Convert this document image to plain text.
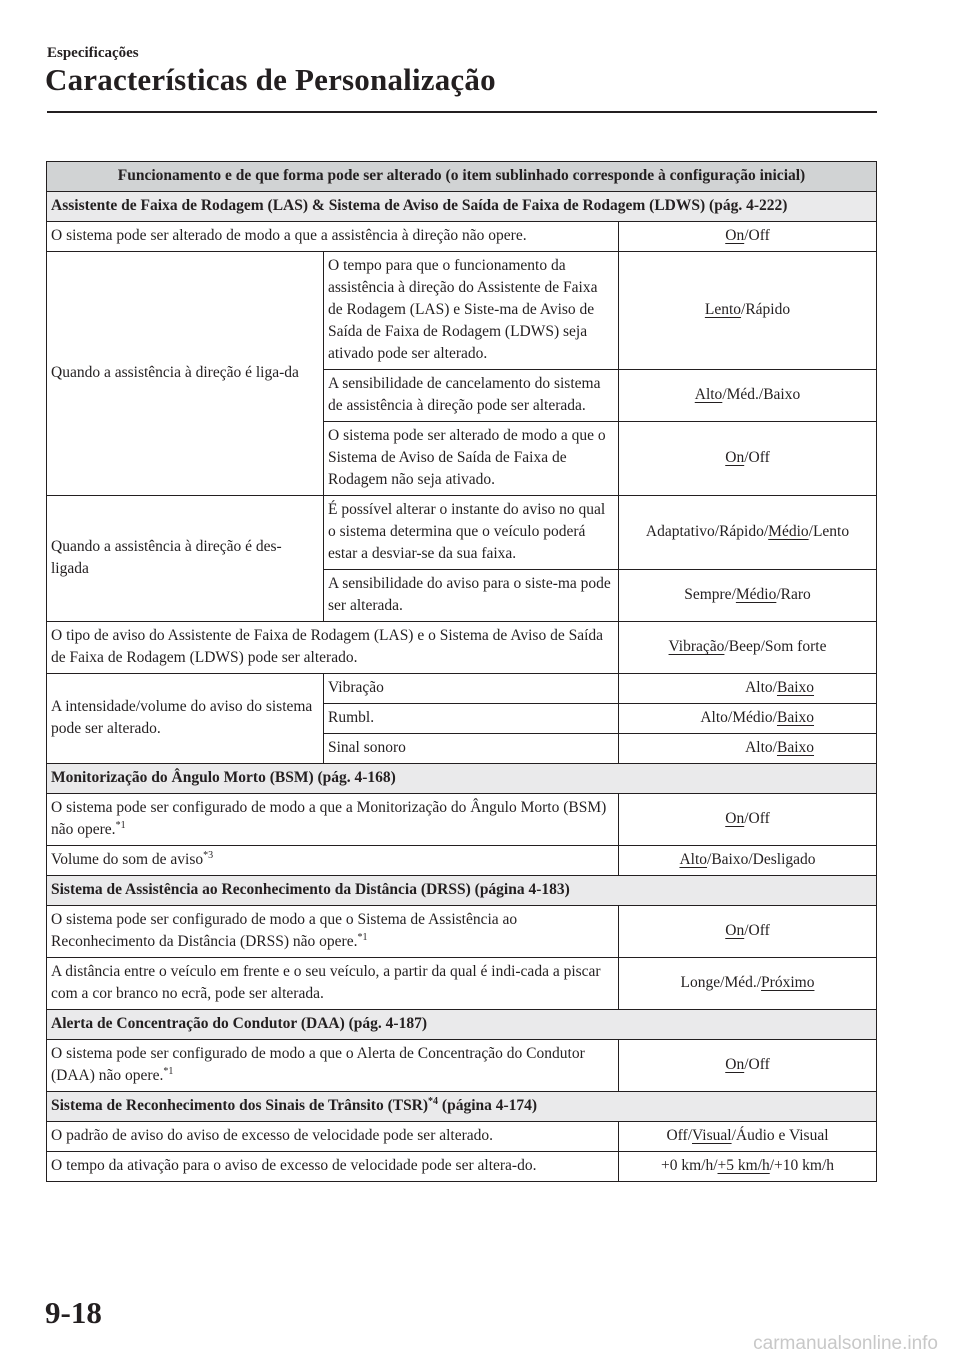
Especificações
Características de Personalização
Funcionamento e de que forma pode ser alterado (o item sublinhado corresponde à configuração inicial)		
Assistente de Faixa de Rodagem (LAS) & Sistema de Aviso de Saída de Faixa de Rodagem (LDWS) (pág. 4-222)		
O sistema pode ser alterado de modo a que a assistência à direção não opere.		On/Off
Quando a assistência à direção é liga-da	O tempo para que o funcionamento da assistência à direção do Assistente de Faixa de Rodagem (LAS) e Siste-ma de Aviso de Saída de Faixa de Rodagem (LDWS) seja ativado pode ser alterado.	Lento/Rápido
	A sensibilidade de cancelamento do sistema de assistência à direção pode ser alterada.	Alto/Méd./Baixo
	O sistema pode ser alterado de modo a que o Sistema de Aviso de Saída de Faixa de Rodagem não seja ativado.	On/Off
Quando a assistência à direção é des-ligada	É possível alterar o instante do aviso no qual o sistema determina que o veículo poderá estar a desviar-se da sua faixa.	Adaptativo/Rápido/Médio/Lento
	A sensibilidade do aviso para o siste-ma pode ser alterada.	Sempre/Médio/Raro
O tipo de aviso do Assistente de Faixa de Rodagem (LAS) e o Sistema de Aviso de Saída de Faixa de Rodagem (LDWS) pode ser alterado.		Vibração/Beep/Som forte
A intensidade/volume do aviso do sistema pode ser alterado.	Vibração	Alto/Baixo
	Rumbl.	Alto/Médio/Baixo
	Sinal sonoro	Alto/Baixo
Monitorização do Ângulo Morto (BSM) (pág. 4-168)		
O sistema pode ser configurado de modo a que a Monitorização do Ângulo Morto (BSM) não opere.$^{*1}$		On/Off
Volume do som de aviso$^{*3}$		Alto/Baixo/Desligado
Sistema de Assistência ao Reconhecimento da Distância (DRSS) (página 4-183)		
O sistema pode ser configurado de modo a que o Sistema de Assistência ao Reconhecimento da Distância (DRSS) não opere.$^{*1}$		On/Off
A distância entre o veículo em frente e o seu veículo, a partir da qual é indi-cada a piscar com a cor branco no ecrã, pode ser alterada.		Longe/Méd./Próximo
Alerta de Concentração do Condutor (DAA) (pág. 4-187)		
O sistema pode ser configurado de modo a que o Alerta de Concentração do Condutor (DAA) não opere.$^{*1}$		On/Off
Sistema de Reconhecimento dos Sinais de Trânsito (TSR)$^{*4}$ (página 4-174)		
O padrão de aviso do aviso de excesso de velocidade pode ser alterado.		Off/Visual/Áudio e Visual
O tempo da ativação para o aviso de excesso de velocidade pode ser altera-do.		+0 km/h/+5 km/h/+10 km/h
9-18
carmanualsonline.info
